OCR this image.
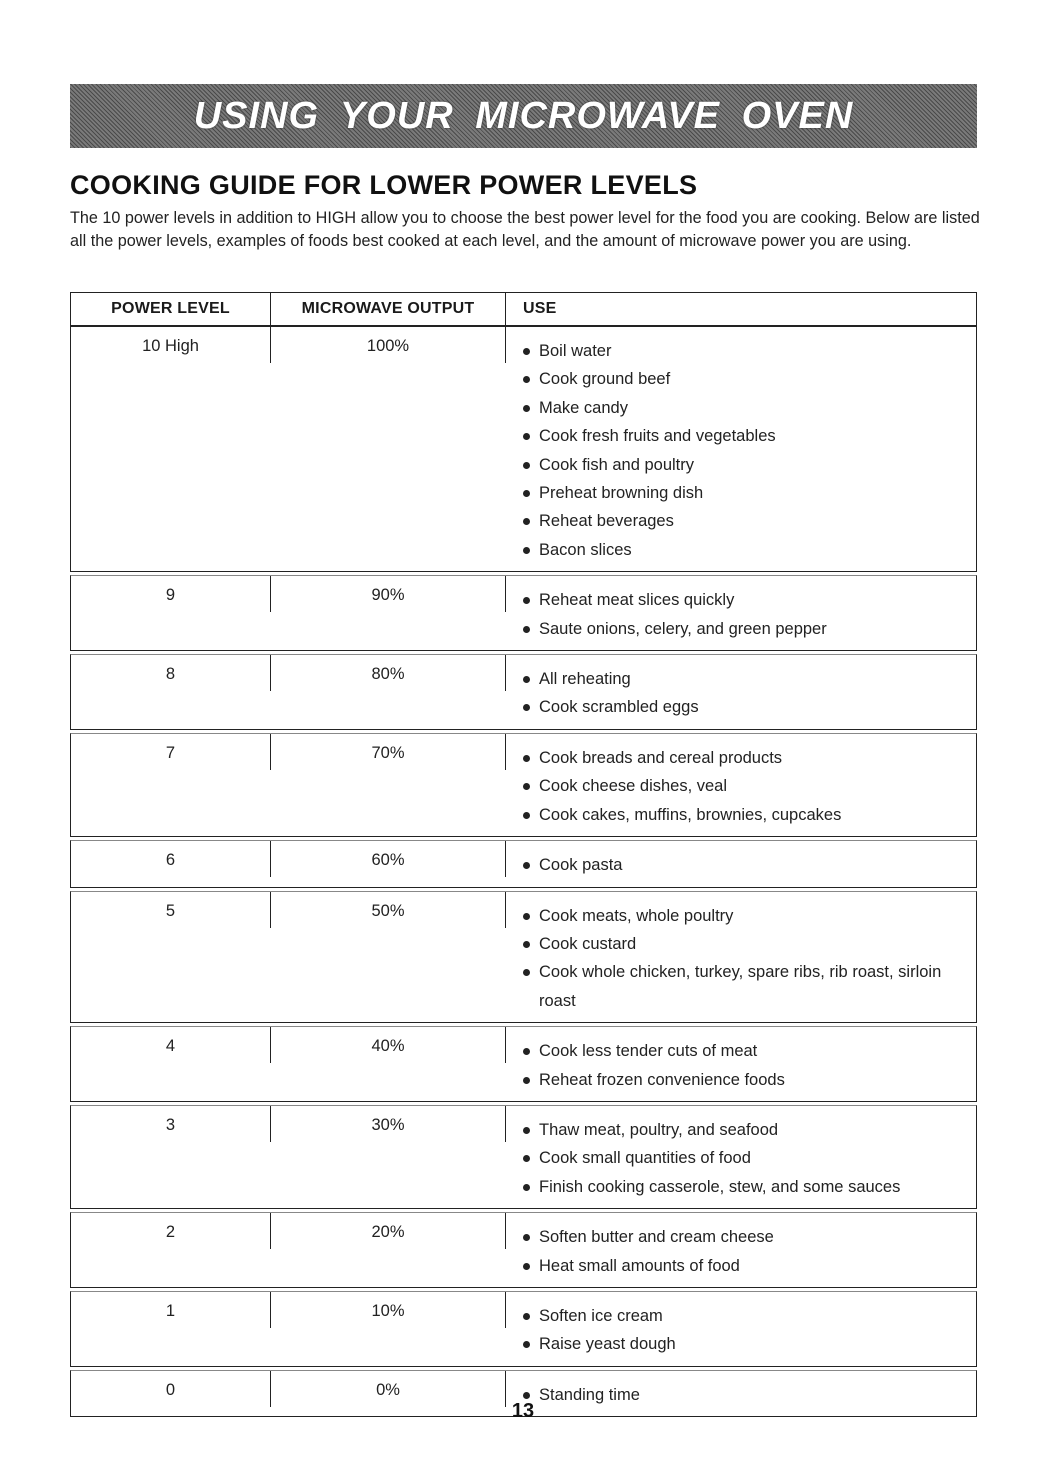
USING YOUR MICROWAVE OVEN
COOKING GUIDE FOR LOWER POWER LEVELS

The 10 power levels in addition to HIGH allow you to choose the best power level for the food you are cooking. Below are listed all the power levels, examples of foods best cooked at each level, and the amount of microwave power you are using.

POWER LEVEL	MICROWAVE OUTPUT	USE
10 High	100%	Boil water
Cook ground beef
Make candy
Cook fresh fruits and vegetables
Cook fish and poultry
Preheat browning dish
Reheat beverages
Bacon slices
9	90%	Reheat meat slices quickly
Saute onions, celery, and green pepper
8	80%	All reheating
Cook scrambled eggs
7	70%	Cook breads and cereal products
Cook cheese dishes, veal
Cook cakes, muffins, brownies, cupcakes
6	60%	Cook pasta
5	50%	Cook meats, whole poultry
Cook custard
Cook whole chicken, turkey, spare ribs, rib roast, sirloin roast
4	40%	Cook less tender cuts of meat
Reheat frozen convenience foods
3	30%	Thaw meat, poultry, and seafood
Cook small quantities of food
Finish cooking casserole, stew, and some sauces
2	20%	Soften butter and cream cheese
Heat small amounts of food
1	10%	Soften ice cream
Raise yeast dough
0	0%	Standing time
13
